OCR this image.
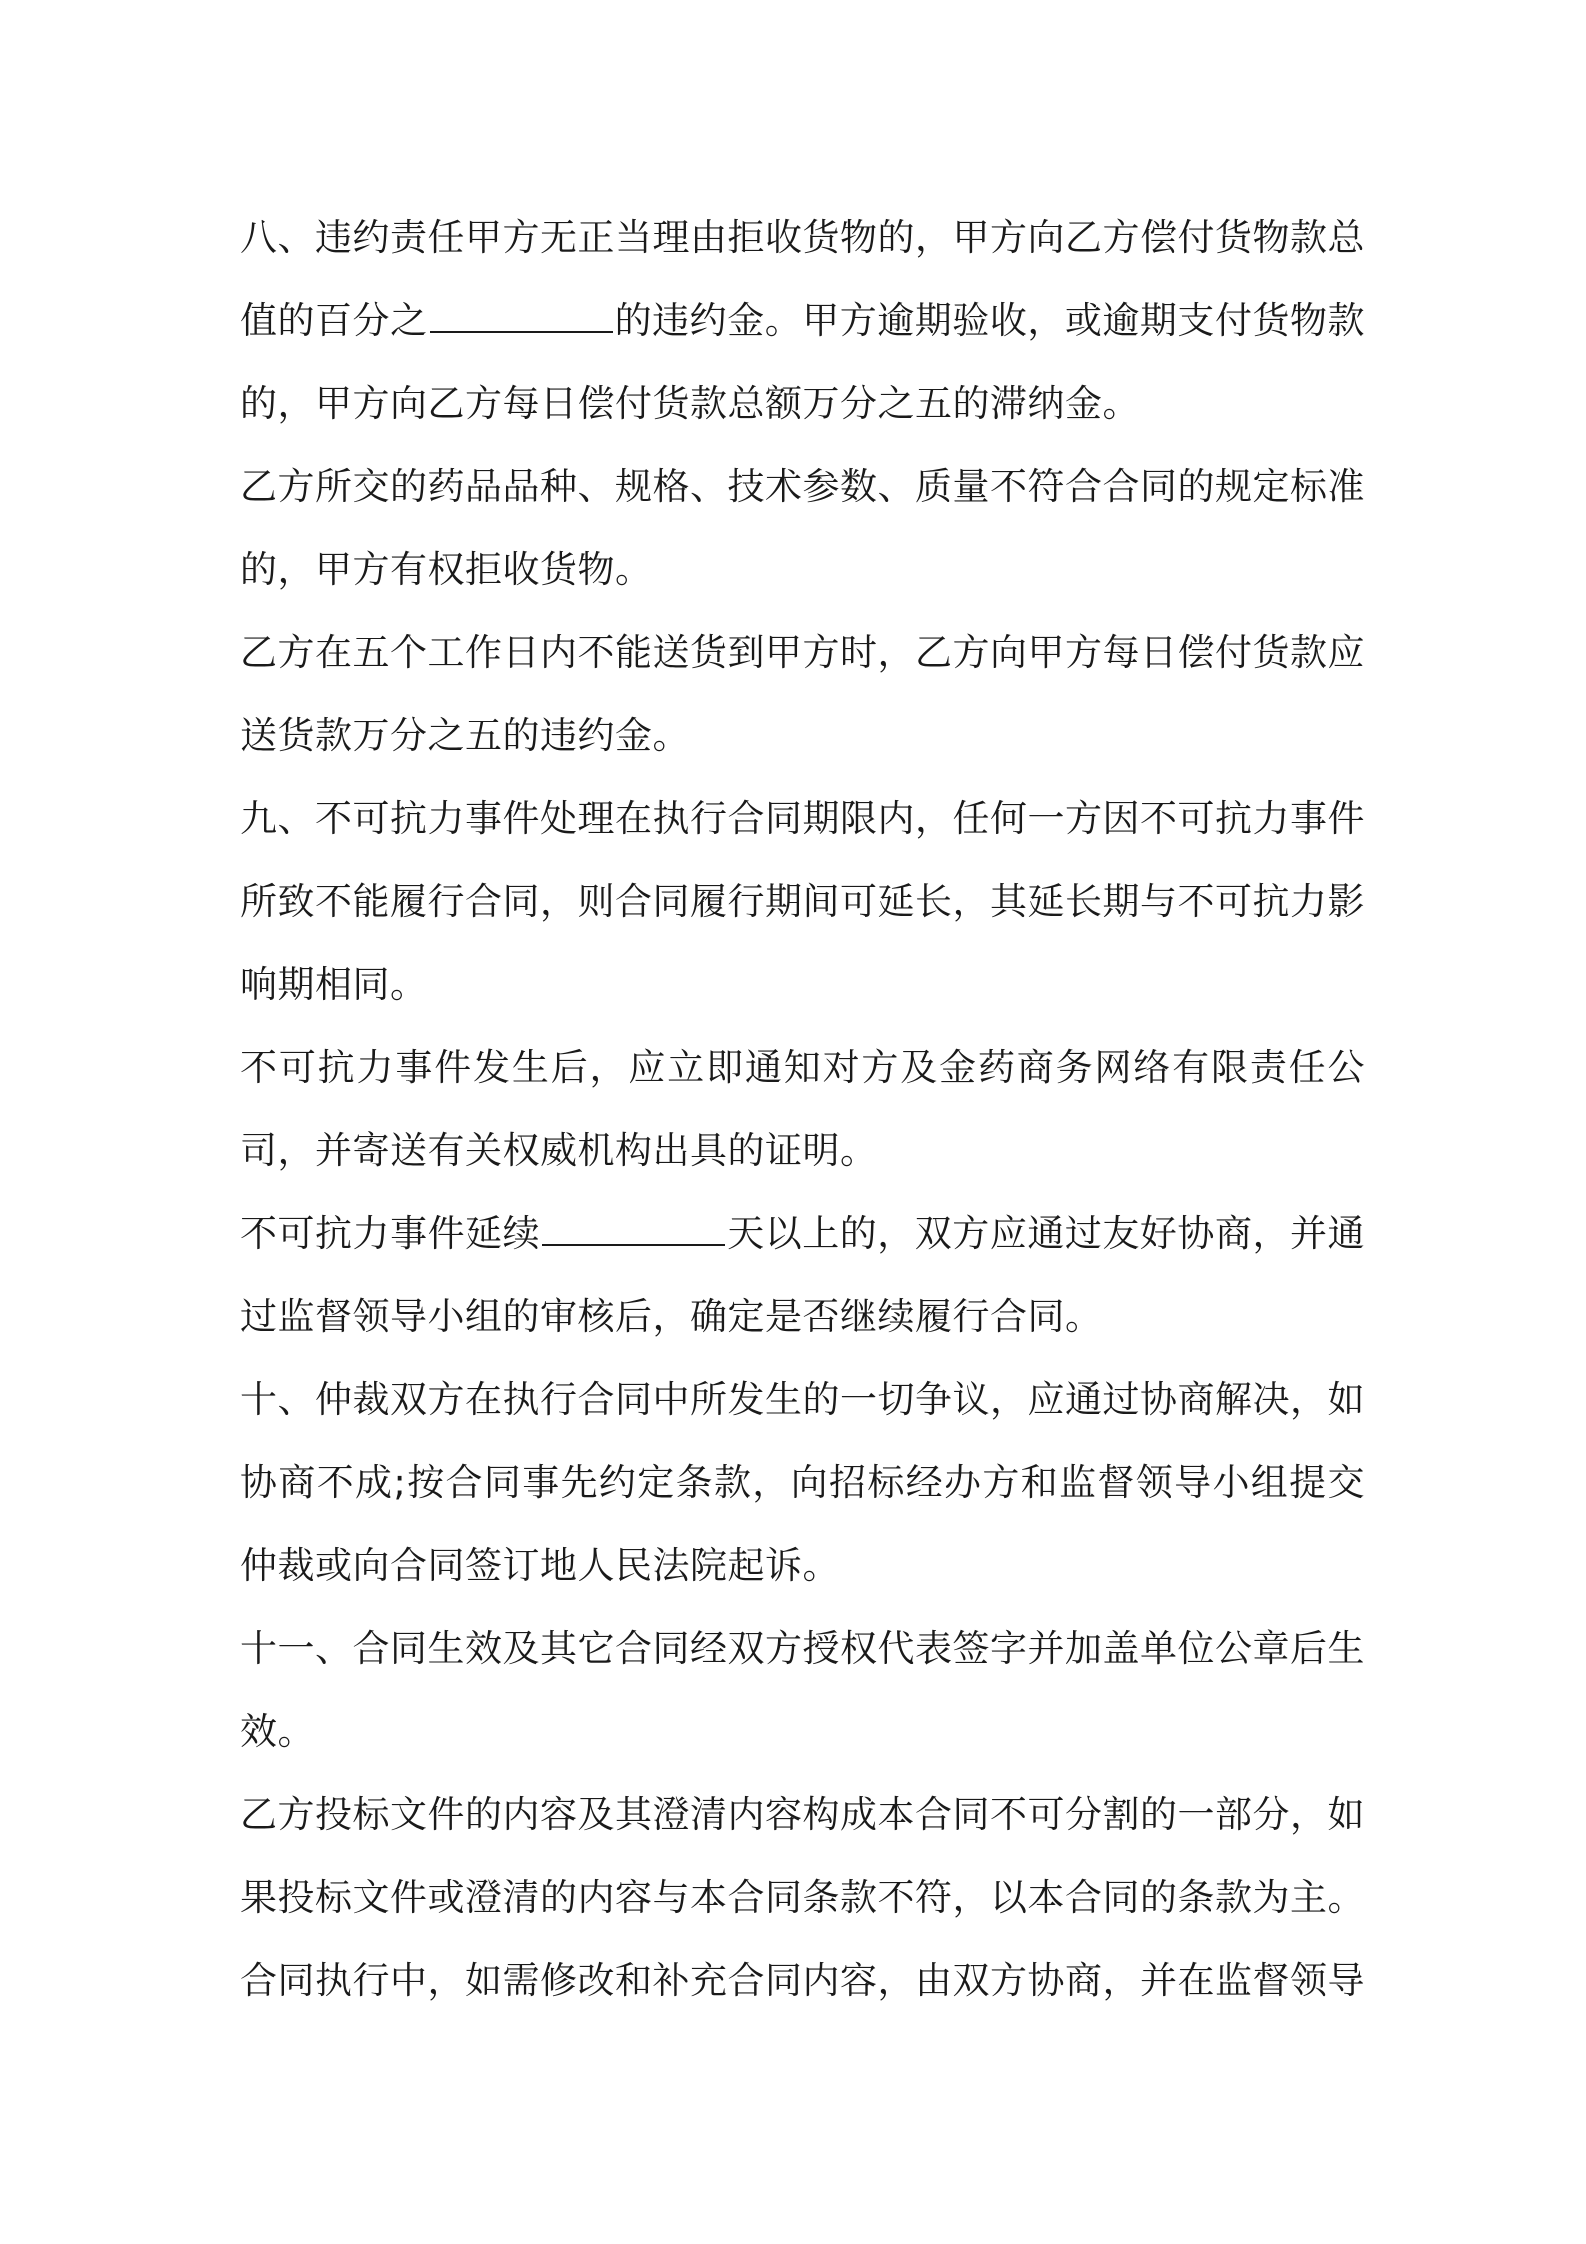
八、违约责任甲方无正当理由拒收货物的，甲方向乙方偿付货物款总值的百分之	的违约金。甲方逾期验收，或逾期支付货物款的，甲方向乙方每日偿付货款总额万分之五的滞纳金。

乙方所交的药品品种、规格、技术参数、质量不符合合同的规定标准的，甲方有权拒收货物。

乙方在五个工作日内不能送货到甲方时，乙方向甲方每日偿付货款应送货款万分之五的违约金。

九、不可抗力事件处理在执行合同期限内，任何一方因不可抗力事件所致不能履行合同，则合同履行期间可延长，其延长期与不可抗力影响期相同。

不可抗力事件发生后，应立即通知对方及金药商务网络有限责任公司，并寄送有关权威机构出具的证明。

不可抗力事件延续	天以上的，双方应通过友好协商，并通过监督领导小组的审核后，确定是否继续履行合同。

十、仲裁双方在执行合同中所发生的一切争议，应通过协商解决，如协商不成;按合同事先约定条款，向招标经办方和监督领导小组提交仲裁或向合同签订地人民法院起诉。

十一、合同生效及其它合同经双方授权代表签字并加盖单位公章后生效。

乙方投标文件的内容及其澄清内容构成本合同不可分割的一部分，如果投标文件或澄清的内容与本合同条款不符，以本合同的条款为主。

合同执行中，如需修改和补充合同内容，由双方协商，并在监督领导
